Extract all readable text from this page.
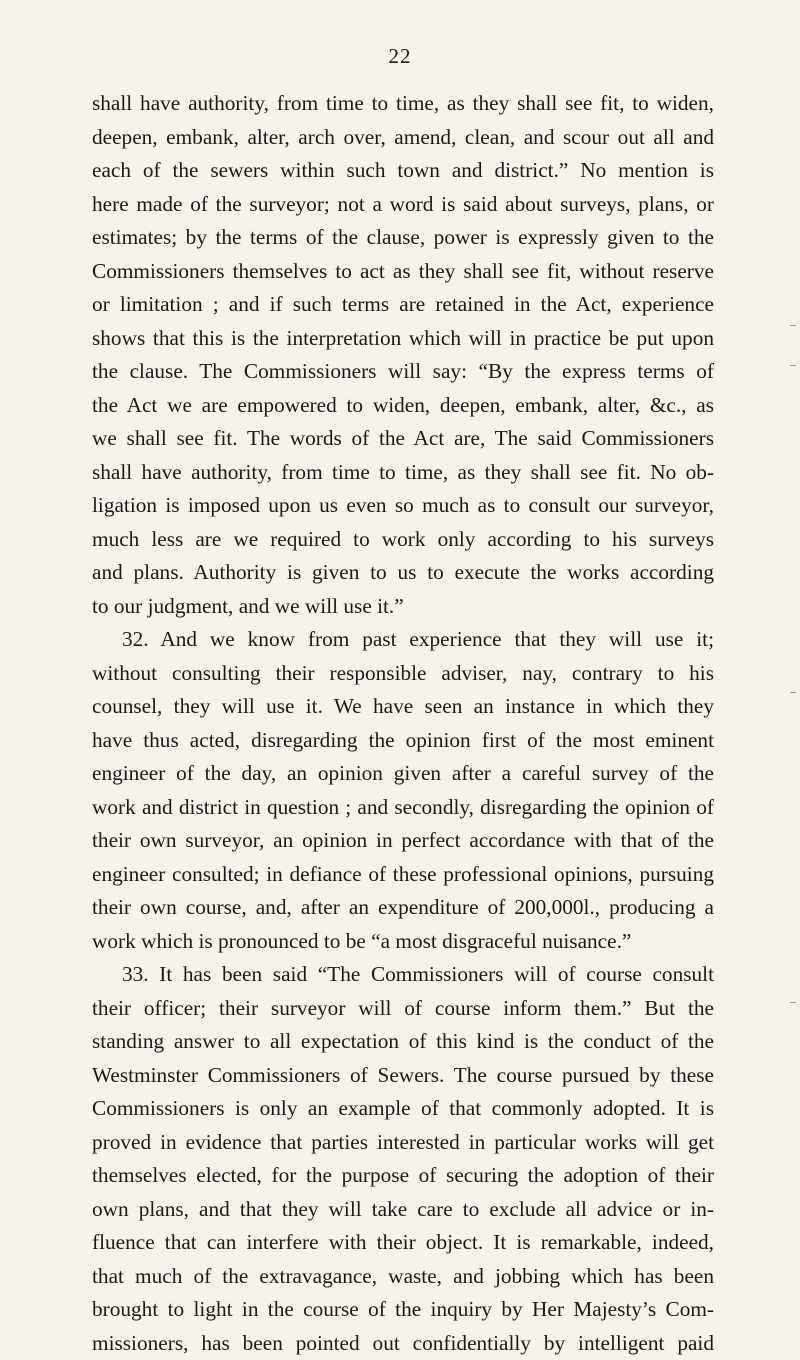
22
shall have authority, from time to time, as they shall see fit, to widen,
deepen, embank, alter, arch over, amend, clean, and scour out all and
each of the sewers within such town and district.” No mention is
here made of the surveyor; not a word is said about surveys, plans, or
estimates; by the terms of the clause, power is expressly given to the
Commissioners themselves to act as they shall see fit, without reserve
or limitation ; and if such terms are retained in the Act, experience
shows that this is the interpretation which will in practice be put upon
the clause. The Commissioners will say: “By the express terms of
the Act we are empowered to widen, deepen, embank, alter, &c., as
we shall see fit. The words of the Act are, The said Commissioners
shall have authority, from time to time, as they shall see fit. No ob-
ligation is imposed upon us even so much as to consult our surveyor,
much less are we required to work only according to his surveys
and plans. Authority is given to us to execute the works according
to our judgment, and we will use it.”
32. And we know from past experience that they will use it;
without consulting their responsible adviser, nay, contrary to his
counsel, they will use it. We have seen an instance in which they
have thus acted, disregarding the opinion first of the most eminent
engineer of the day, an opinion given after a careful survey of the
work and district in question ; and secondly, disregarding the opinion of
their own surveyor, an opinion in perfect accordance with that of the
engineer consulted; in defiance of these professional opinions, pursuing
their own course, and, after an expenditure of 200,000l., producing a
work which is pronounced to be “a most disgraceful nuisance.”
33. It has been said “The Commissioners will of course consult
their officer; their surveyor will of course inform them.” But the
standing answer to all expectation of this kind is the conduct of the
Westminster Commissioners of Sewers. The course pursued by these
Commissioners is only an example of that commonly adopted. It is
proved in evidence that parties interested in particular works will get
themselves elected, for the purpose of securing the adoption of their
own plans, and that they will take care to exclude all advice or in-
fluence that can interfere with their object. It is remarkable, indeed,
that much of the extravagance, waste, and jobbing which has been
brought to light in the course of the inquiry by Her Majesty’s Com-
missioners, has been pointed out confidentially by intelligent paid
